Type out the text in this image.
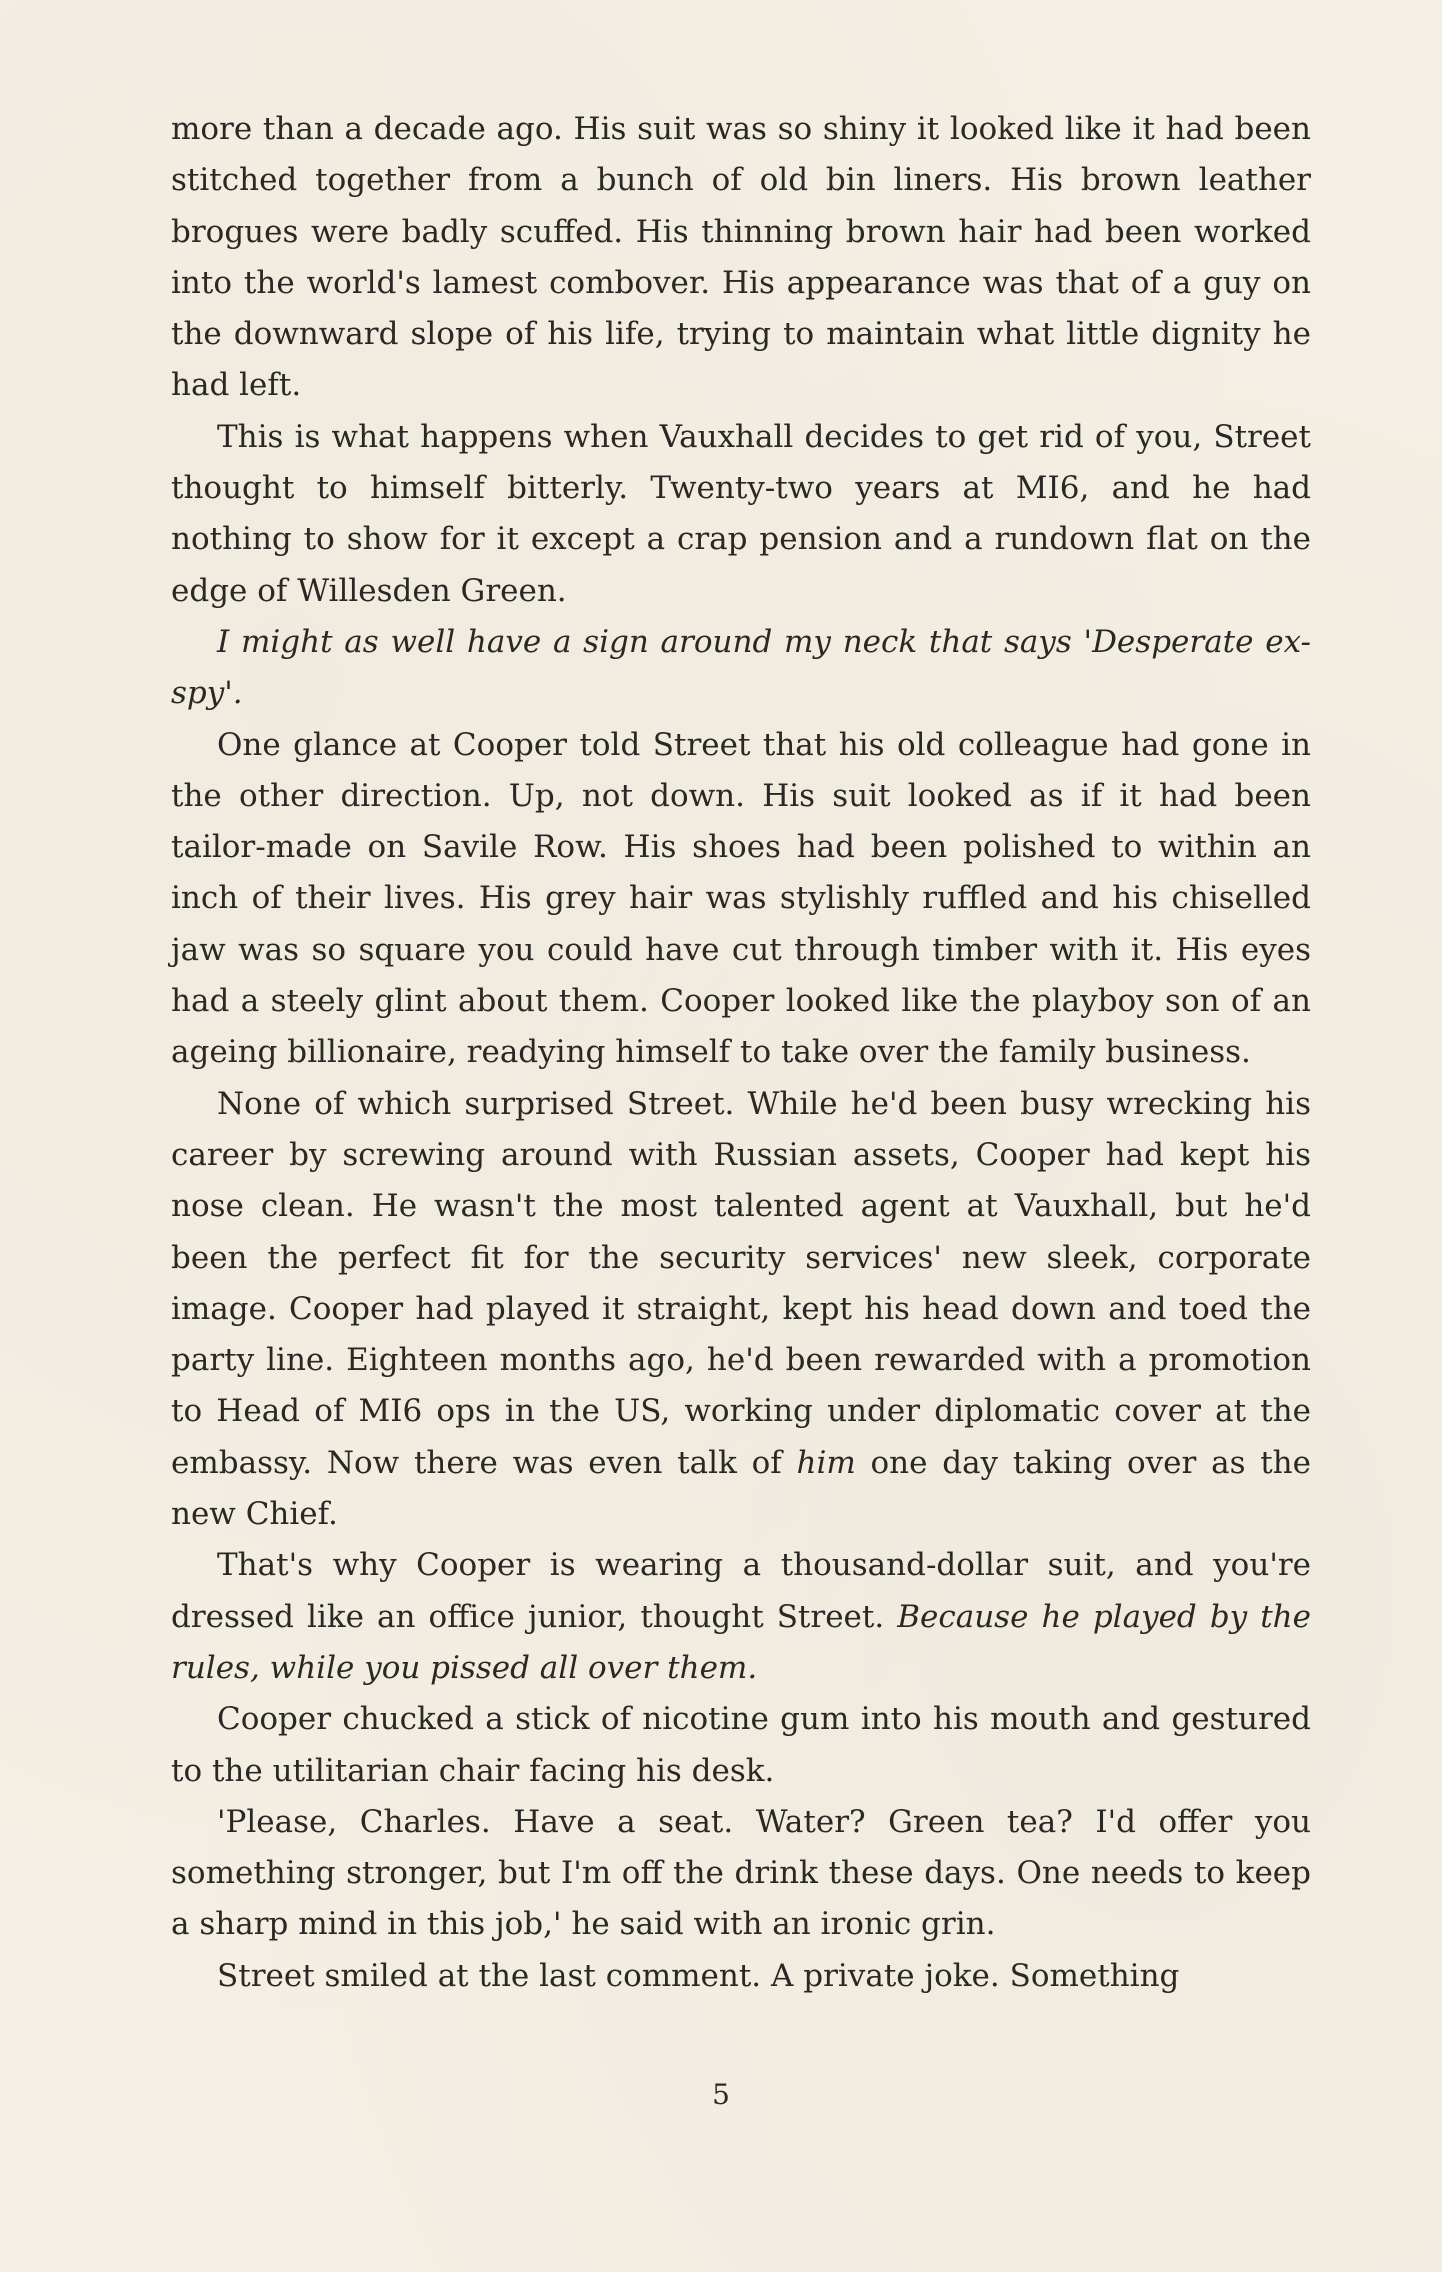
more than a decade ago. His suit was so shiny it looked like it had been stitched together from a bunch of old bin liners. His brown leather brogues were badly scuffed. His thinning brown hair had been worked into the world's lamest combover. His appearance was that of a guy on the downward slope of his life, trying to maintain what little dignity he had left.

This is what happens when Vauxhall decides to get rid of you, Street thought to himself bitterly. Twenty-two years at MI6, and he had nothing to show for it except a crap pension and a rundown flat on the edge of Willesden Green.

I might as well have a sign around my neck that says 'Desperate ex-spy'.

One glance at Cooper told Street that his old colleague had gone in the other direction. Up, not down. His suit looked as if it had been tailor-made on Savile Row. His shoes had been polished to within an inch of their lives. His grey hair was stylishly ruffled and his chiselled jaw was so square you could have cut through timber with it. His eyes had a steely glint about them. Cooper looked like the playboy son of an ageing billionaire, readying himself to take over the family business.

None of which surprised Street. While he'd been busy wrecking his career by screwing around with Russian assets, Cooper had kept his nose clean. He wasn't the most talented agent at Vauxhall, but he'd been the perfect fit for the security services' new sleek, corporate image. Cooper had played it straight, kept his head down and toed the party line. Eighteen months ago, he'd been rewarded with a promotion to Head of MI6 ops in the US, working under diplomatic cover at the embassy. Now there was even talk of him one day taking over as the new Chief.

That's why Cooper is wearing a thousand-dollar suit, and you're dressed like an office junior, thought Street. Because he played by the rules, while you pissed all over them.

Cooper chucked a stick of nicotine gum into his mouth and gestured to the utilitarian chair facing his desk.

'Please, Charles. Have a seat. Water? Green tea? I'd offer you something stronger, but I'm off the drink these days. One needs to keep a sharp mind in this job,' he said with an ironic grin.

Street smiled at the last comment. A private joke. Something

5
